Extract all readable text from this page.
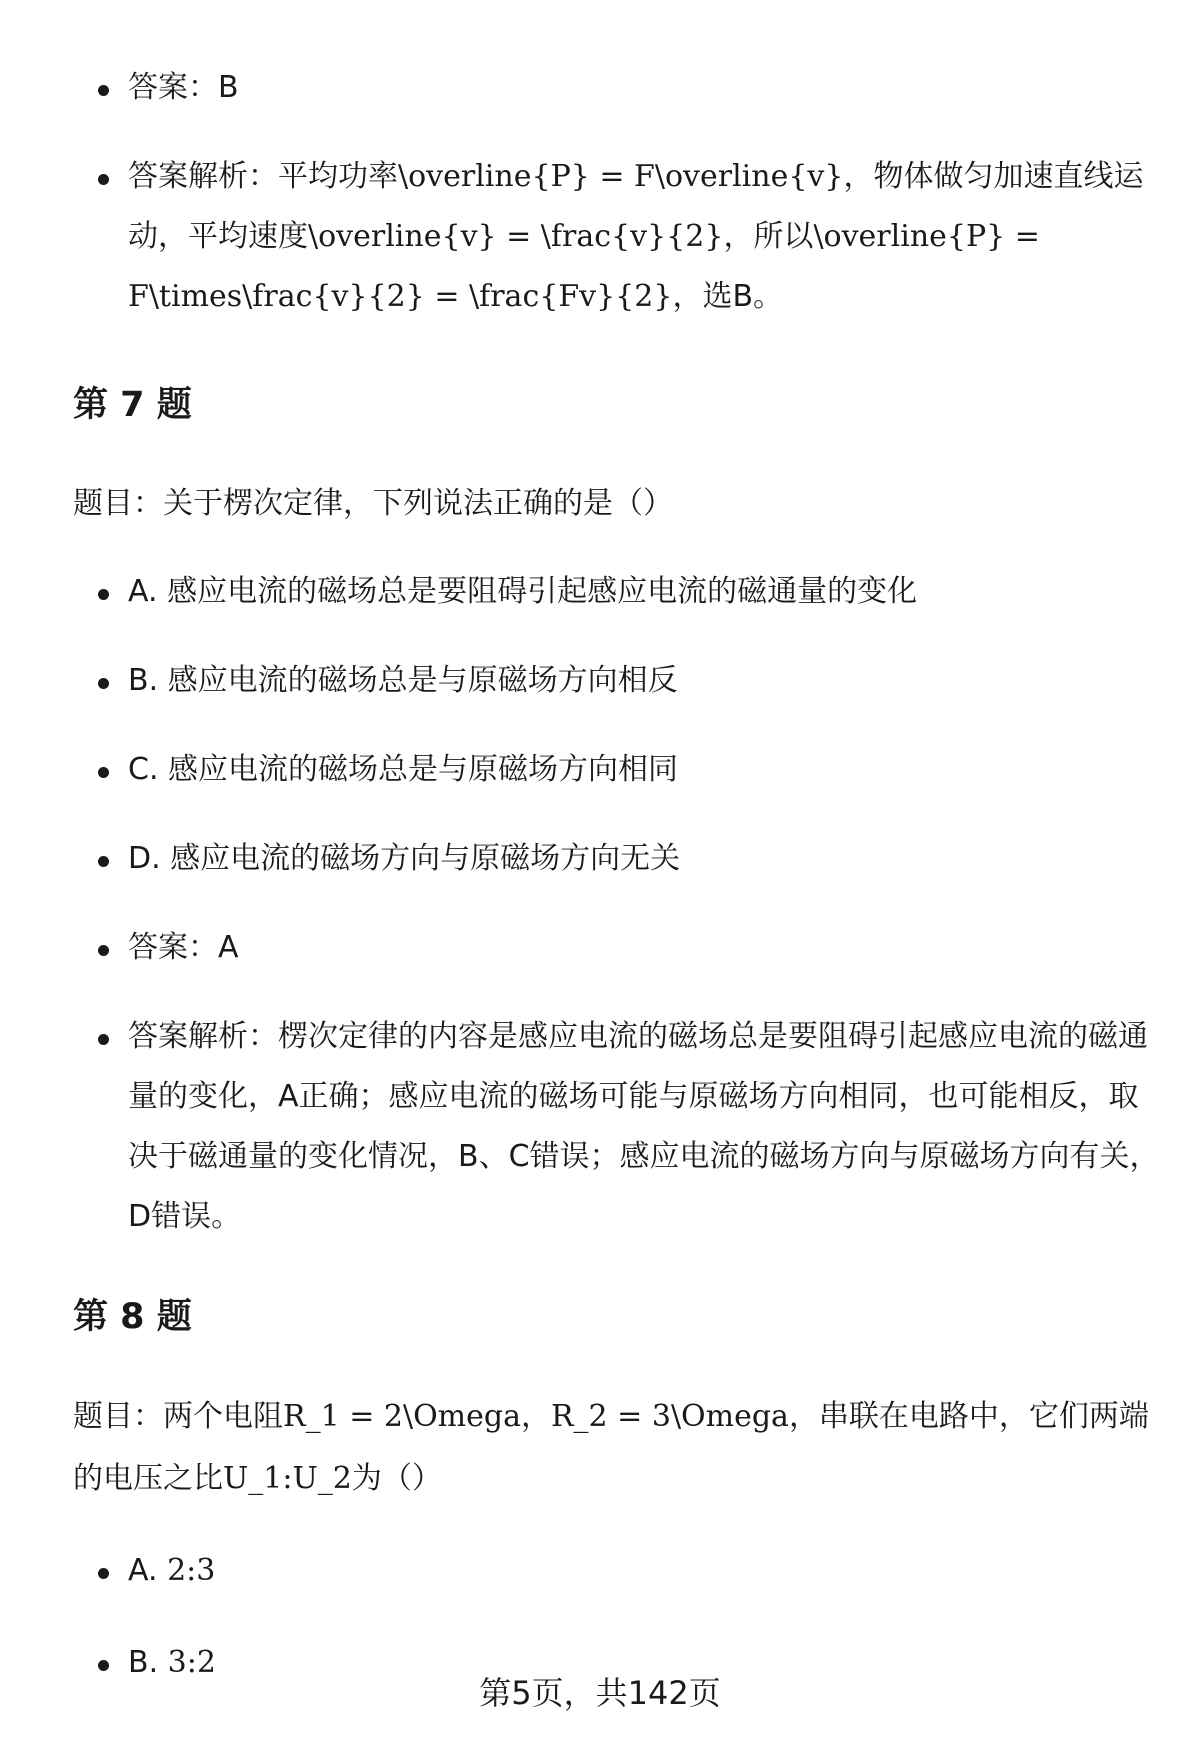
答案：B
答案解析：平均功率\overline{P} = F\overline{v}，物体做匀加速直线运动，平均速度\overline{v} = \frac{v}{2}，所以\overline{P} = F\times\frac{v}{2} = \frac{Fv}{2}，选B。
第 7 题

题目：关于楞次定律，下列说法正确的是（）

A. 感应电流的磁场总是要阻碍引起感应电流的磁通量的变化
B. 感应电流的磁场总是与原磁场方向相反
C. 感应电流的磁场总是与原磁场方向相同
D. 感应电流的磁场方向与原磁场方向无关
答案：A
答案解析：楞次定律的内容是感应电流的磁场总是要阻碍引起感应电流的磁通量的变化，A正确；感应电流的磁场可能与原磁场方向相同，也可能相反，取决于磁通量的变化情况，B、C错误；感应电流的磁场方向与原磁场方向有关，D错误。
第 8 题

题目：两个电阻R_1 = 2\Omega，R_2 = 3\Omega，串联在电路中，它们两端的电压之比U_1:U_2为（）

A. 2:3
B. 3:2
第5页，共142页
